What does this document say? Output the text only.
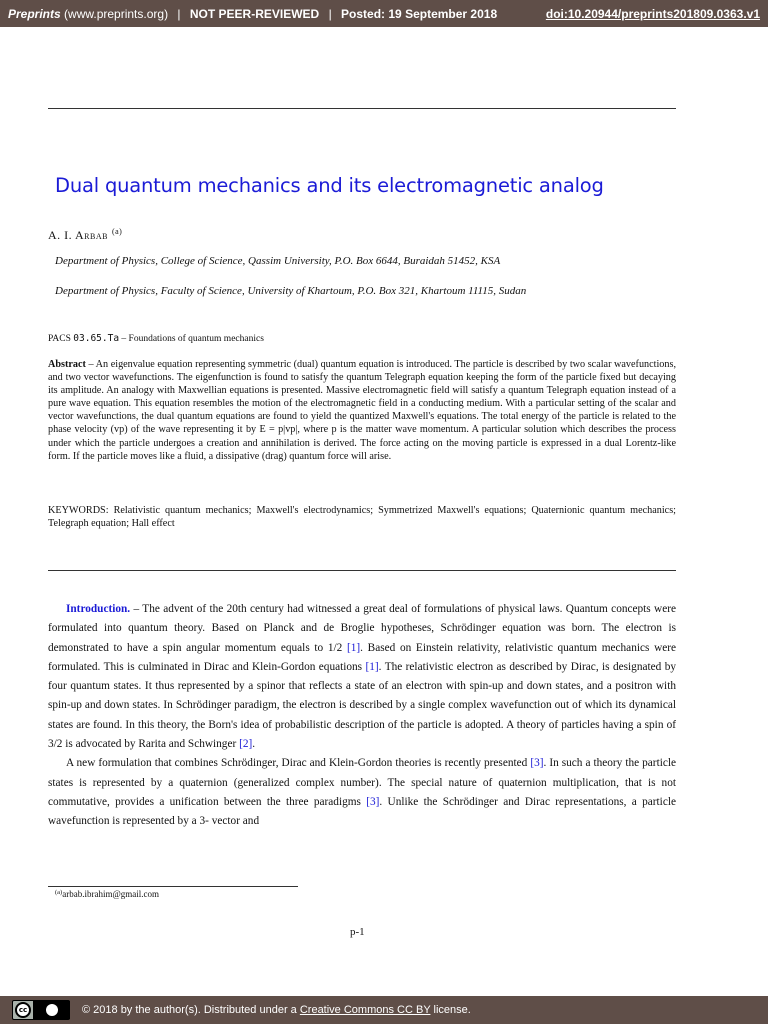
Preprints (www.preprints.org) | NOT PEER-REVIEWED | Posted: 19 September 2018	doi:10.20944/preprints201809.0363.v1
Dual quantum mechanics and its electromagnetic analog
A. I. Arbab $^{(a)}$
Department of Physics, College of Science, Qassim University, P.O. Box 6644, Buraidah 51452, KSA
Department of Physics, Faculty of Science, University of Khartoum, P.O. Box 321, Khartoum 11115, Sudan
PACS 03.65.Ta – Foundations of quantum mechanics
Abstract – An eigenvalue equation representing symmetric (dual) quantum equation is introduced. The particle is described by two scalar wavefunctions, and two vector wavefunctions. The eigenfunction is found to satisfy the quantum Telegraph equation keeping the form of the particle fixed but decaying its amplitude. An analogy with Maxwellian equations is presented. Massive electromagnetic field will satisfy a quantum Telegraph equation instead of a pure wave equation. This equation resembles the motion of the electromagnetic field in a conducting medium. With a particular setting of the scalar and vector wavefunctions, the dual quantum equations are found to yield the quantized Maxwell's equations. The total energy of the particle is related to the phase velocity (vp) of the wave representing it by E = p|vp|, where p is the matter wave momentum. A particular solution which describes the process under which the particle undergoes a creation and annihilation is derived. The force acting on the moving particle is expressed in a dual Lorentz-like form. If the particle moves like a fluid, a dissipative (drag) quantum force will arise.
KEYWORDS: Relativistic quantum mechanics; Maxwell's electrodynamics; Symmetrized Maxwell's equations; Quaternionic quantum mechanics; Telegraph equation; Hall effect

Introduction. – The advent of the 20th century had witnessed a great deal of formulations of physical laws. Quantum concepts were formulated into quantum theory. Based on Planck and de Broglie hypotheses, Schrödinger equation was born. The electron is demonstrated to have a spin angular momentum equals to 1/2 [1]. Based on Einstein relativity, relativistic quantum mechanics were formulated. This is culminated in Dirac and Klein-Gordon equations [1]. The relativistic electron as described by Dirac, is designated by four quantum states. It thus represented by a spinor that reflects a state of an electron with spin-up and down states, and a positron with spin-up and down states. In Schrödinger paradigm, the electron is described by a single complex wavefunction out of which its dynamical states are found. In this theory, the Born's idea of probabilistic description of the particle is adopted. A theory of particles having a spin of 3/2 is advocated by Rarita and Schwinger [2].

A new formulation that combines Schrödinger, Dirac and Klein-Gordon theories is recently presented [3]. In such a theory the particle states is represented by a quaternion (generalized complex number). The special nature of quaternion multiplication, that is not commutative, provides a unification between the three paradigms [3]. Unlike the Schrödinger and Dirac representations, a particle wavefunction is represented by a 3- vector and

$^{(a)}$arbab.ibrahim@gmail.com
p-1
cc	© 2018 by the author(s). Distributed under a Creative Commons CC BY license.
